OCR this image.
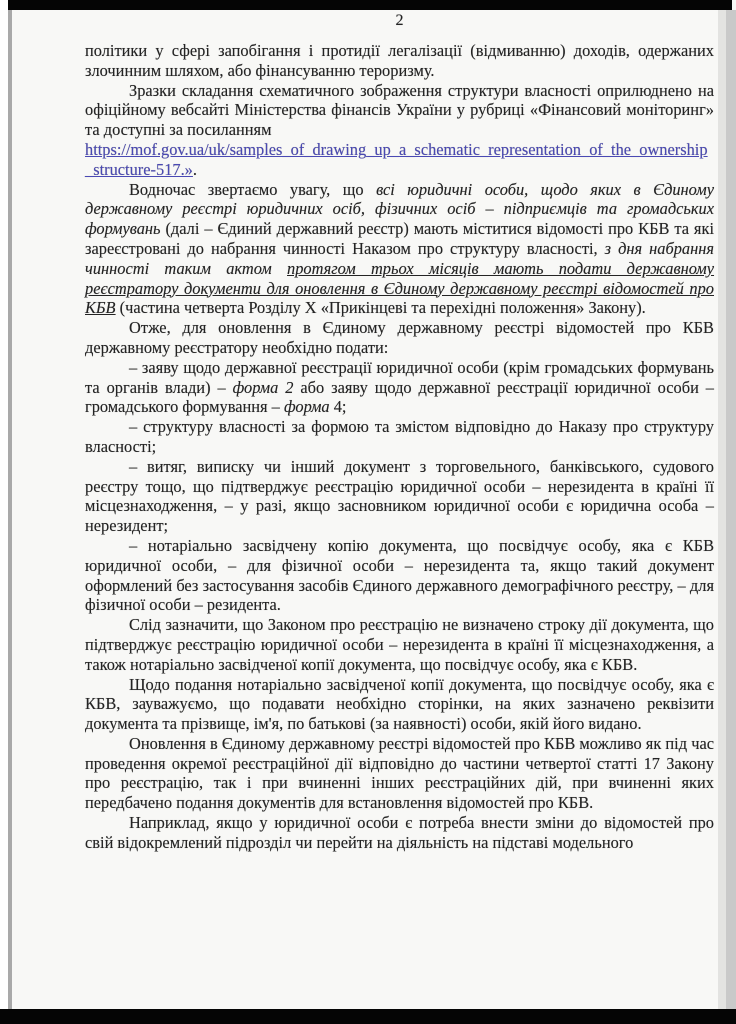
2

політики у сфері запобігання і протидії легалізації (відмиванню) доходів, одержаних злочинним шляхом, або фінансуванню тероризму.

Зразки складання схематичного зображення структури власності оприлюднено на офіційному вебсайті Міністерства фінансів України у рубриці «Фінансовий моніторинг» та доступні за посиланням
https://mof.gov.ua/uk/samples_of_drawing_up_a_schematic_representation_of_the_ownership_structure-517.».

Водночас звертаємо увагу, що всі юридичні особи, щодо яких в Єдиному державному реєстрі юридичних осіб, фізичних осіб – підприємців та громадських формувань (далі – Єдиний державний реєстр) мають міститися відомості про КБВ та які зареєстровані до набрання чинності Наказом про структуру власності, з дня набрання чинності таким актом протягом трьох місяців мають подати державному реєстратору документи для оновлення в Єдиному державному реєстрі відомостей про КБВ (частина четверта Розділу X «Прикінцеві та перехідні положення» Закону).

Отже, для оновлення в Єдиному державному реєстрі відомостей про КБВ державному реєстратору необхідно подати:

– заяву щодо державної реєстрації юридичної особи (крім громадських формувань та органів влади) – форма 2 або заяву щодо державної реєстрації юридичної особи – громадського формування – форма 4;

– структуру власності за формою та змістом відповідно до Наказу про структуру власності;

– витяг, виписку чи інший документ з торговельного, банківського, судового реєстру тощо, що підтверджує реєстрацію юридичної особи – нерезидента в країні її місцезнаходження, – у разі, якщо засновником юридичної особи є юридична особа – нерезидент;

– нотаріально засвідчену копію документа, що посвідчує особу, яка є КБВ юридичної особи, – для фізичної особи – нерезидента та, якщо такий документ оформлений без застосування засобів Єдиного державного демографічного реєстру, – для фізичної особи – резидента.

Слід зазначити, що Законом про реєстрацію не визначено строку дії документа, що підтверджує реєстрацію юридичної особи – нерезидента в країні її місцезнаходження, а також нотаріально засвідченої копії документа, що посвідчує особу, яка є КБВ.

Щодо подання нотаріально засвідченої копії документа, що посвідчує особу, яка є КБВ, зауважуємо, що подавати необхідно сторінки, на яких зазначено реквізити документа та прізвище, ім'я, по батькові (за наявності) особи, якій його видано.

Оновлення в Єдиному державному реєстрі відомостей про КБВ можливо як під час проведення окремої реєстраційної дії відповідно до частини четвертої статті 17 Закону про реєстрацію, так і при вчиненні інших реєстраційних дій, при вчиненні яких передбачено подання документів для встановлення відомостей про КБВ.

Наприклад, якщо у юридичної особи є потреба внести зміни до відомостей про свій відокремлений підрозділ чи перейти на діяльність на підставі модельного
